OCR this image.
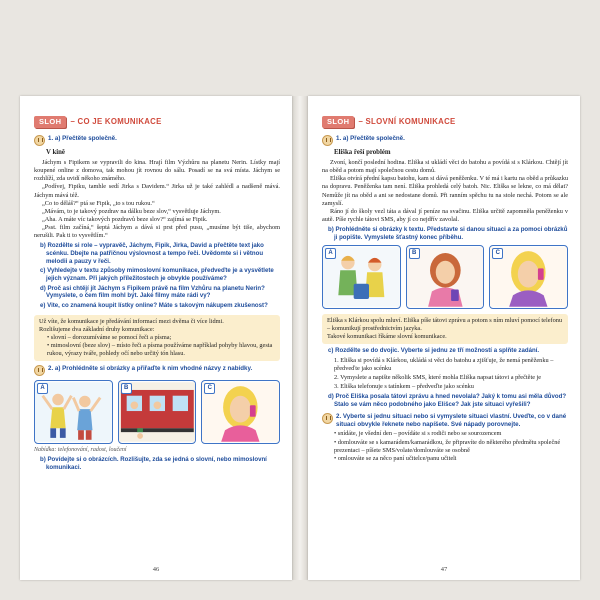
SLOH	– CO JE KOMUNIKACE
1. a) Přečtěte společně.
V kině

Jáchym s Fipikem se vypravili do kina. Hrají film Výzhůru na planetu Nerin. Lístky mají koupené online z domova, tak mohou jít rovnou do sálu. Posadí se na svá místa. Jáchym se rozhlíží, zda uvidí někoho známého.

„Podívej, Fipiku, tamhle sedí Jirka s Davidem.“ Jirka už je také zahlédl a nadšeně mává. Jáchym mává též.

„Co to děláš?“ ptá se Fipik, „to s tou rukou.“

„Mávám, to je takový pozdrav na dálku beze slov,“ vysvětluje Jáchym.

„Aha. A máte víc takových pozdravů beze slov?“ zajímá se Fipik.

„Psst. film začíná,“ šeptá Jáchym a dává si prst před pusu, „musíme být tiše, abychom nerušili. Pak ti to vysvětlím.“

b) Rozdělte si role – vypravěč, Jáchym, Fipik, Jirka, David a přečtěte text jako scénku. Dbejte na patřičnou výslovnost a tempo řeči. Uvědomte si i větnou melodii a pauzy v řeči.
c) Vyhledejte v textu způsoby mimoslovní komunikace, předveďte je a vysvětlete jejich význam. Při jakých příležitostech je obvykle používáme?
d) Proč asi chtějí jít Jáchym s Fipikem právě na film Vzhůru na planetu Nerin? Vymyslete, o čem film mohl být. Jaké filmy máte rádi vy?
e) Vite, co znamená koupit lístky online? Máte s takovým nákupem zkušenost?
Už víte, že komunikace je předávání informací mezi dvěma či více lidmi.
Rozlišujeme dva základní druhy komunikace:
• slovní – dorozumíváme se pomocí řeči a písma;
• mimoslovní (beze slov) – místo řeči a písma používáme například pohyby hlavou, gesta rukou, výrazy tváře, pohledy očí nebo určitý tón hlasu.
2. a) Prohlédněte si obrázky a přiřaďte k nim vhodné názvy z nabídky.
A	B	C
Nabídka: telefonování, radost, loučení
b) Povídejte si o obrázcích. Rozlišujte, zda se jedná o slovní, nebo mimoslovní komunikaci.
46
SLOH	– SLOVNÍ KOMUNIKACE
1. a) Přečtěte společně.
Eliška řeší problém

Zvoní, končí poslední hodina. Eliška si ukládí věci do batohu a povídá si s Klárkou. Chtějí jít na oběd a potom mají společnou cestu domů.

Eliška otvírá přední kapsu batohu, kam si dává peněženku. V té má i kartu na oběd a průkazku na dopravu. Peněženka tam není. Eliška prohledá celý batoh. Nic. Eliška se lekne, co má dělat? Nemůže jít na oběd a ani se nedostane domů. Při ranním spěchu tu na stole nechá. Potom se ale zamyslí.

Ráno jí do školy vezl táta a dával jí peníze na svačinu. Eliška určitě zapomněla peněženku v autě. Píše rychle tátovi SMS, aby jí co nejdřív zavolal.

b) Prohlédněte si obrázky k textu. Představte si danou situaci a za pomoci obrázků ji popište. Vymyslete šťastný konec příběhu.
A	B	C
Eliška s Klárkou spolu mluví. Eliška píše tátovi zprávu a potom s ním mluví pomocí telefonu – komunikují prostřednictvím jazyka.
Takové komunikaci říkáme slovní komunikace.
c) Rozdělte se do dvojic. Vyberte si jednu ze tří možností a splňte zadání.
1. Eliška si povídá s Klárkou, ukládá si věci do batohu a zjišťuje, že nemá peněženku – předveďte jako scénku
2. Vymyslete a napište několik SMS, které mohla Eliška napsat tátovi a přečtěte je
3. Eliška telefonuje s tatínkem – předveďte jako scénku
d) Proč Eliška posala tátovi zprávu a hned nevolala? Jaký k tomu asi měla důvod? Stalo se vám něco podobného jako Elišce? Jak jste situaci vyřešili?
2. Vyberte si jednu situaci nebo si vymyslete situaci vlastní. Uveďte, co v dané situaci obvykle řeknete nebo napíšete. Své nápady porovnejte.
• snídáte, je všední den – povídáte si s rodiči nebo se sourozencem
• domlouváte se s kamarádem/kamarádkou, že připravíte do některého předmětu společné prezentaci – píšete SMS/volate/domlouváte se osobně
• omlouváte se za něco paní učitelce/panu učiteli
47
